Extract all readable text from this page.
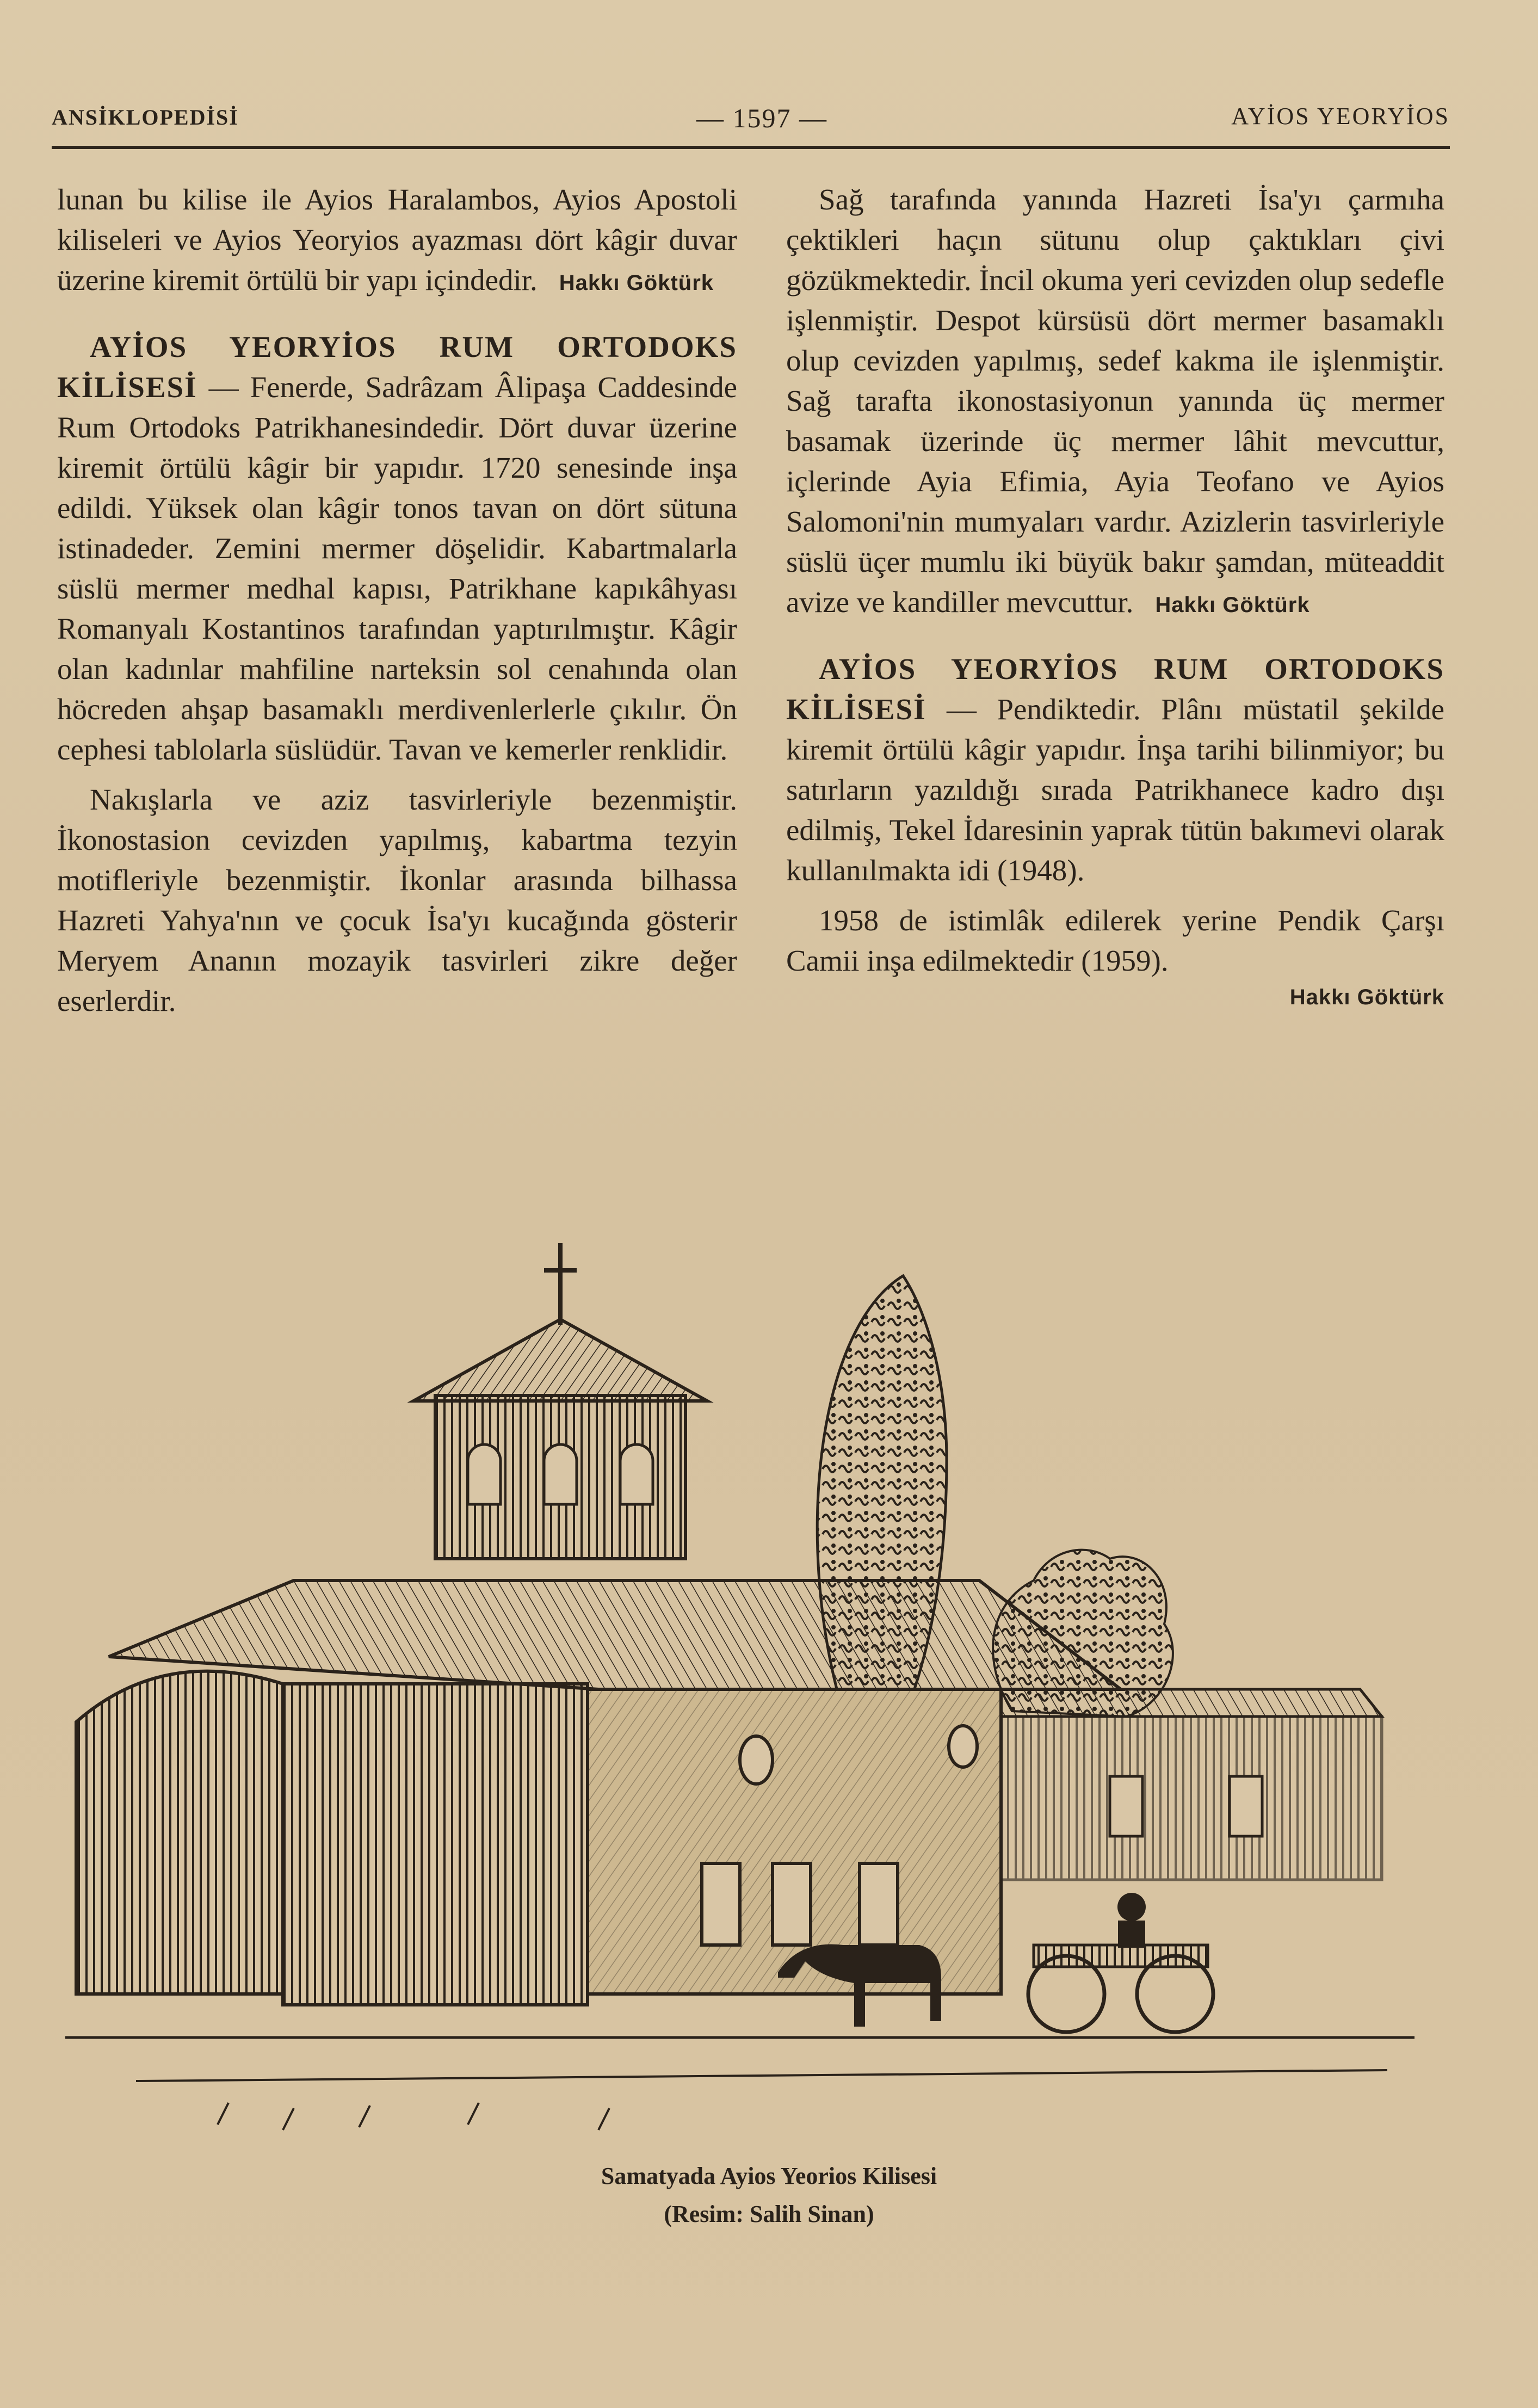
ANSİKLOPEDİSİ	— 1597 —	AYİOS YEORYİOS

lunan bu kilise ile Ayios Haralambos, Ayios Apostoli kiliseleri ve Ayios Yeoryios ayazması dört kâgir duvar üzerine kiremit örtülü bir yapı içindedir. Hakkı Göktürk

AYİOS YEORYİOS RUM ORTODOKS KİLİSESİ — Fenerde, Sadrâzam Âlipaşa Caddesinde Rum Ortodoks Patrikhanesindedir. Dört duvar üzerine kiremit örtülü kâgir bir yapıdır. 1720 senesinde inşa edildi. Yüksek olan kâgir tonos tavan on dört sütuna istinadeder. Zemini mermer döşelidir. Kabartmalarla süslü mermer medhal kapısı, Patrikhane kapıkâhyası Romanyalı Kostantinos tarafından yaptırılmıştır. Kâgir olan kadınlar mahfiline narteksin sol cenahında olan höcreden ahşap basamaklı merdivenlerlerle çıkılır. Ön cephesi tablolarla süslüdür. Tavan ve kemerler renklidir.

Nakışlarla ve aziz tasvirleriyle bezenmiştir. İkonostasion cevizden yapılmış, kabartma tezyin motifleriyle bezenmiştir. İkonlar arasında bilhassa Hazreti Yahya'nın ve çocuk İsa'yı kucağında gösterir Meryem Ananın mozayik tasvirleri zikre değer eserlerdir.

Sağ tarafında yanında Hazreti İsa'yı çarmıha çektikleri haçın sütunu olup çaktıkları çivi gözükmektedir. İncil okuma yeri cevizden olup sedefle işlenmiştir. Despot kürsüsü dört mermer basamaklı olup cevizden yapılmış, sedef kakma ile işlenmiştir. Sağ tarafta ikonostasiyonun yanında üç mermer basamak üzerinde üç mermer lâhit mevcuttur, içlerinde Ayia Efimia, Ayia Teofano ve Ayios Salomoni'nin mumyaları vardır. Azizlerin tasvirleriyle süslü üçer mumlu iki büyük bakır şamdan, müteaddit avize ve kandiller mevcuttur. Hakkı Göktürk

AYİOS YEORYİOS RUM ORTODOKS KİLİSESİ — Pendiktedir. Plânı müstatil şekilde kiremit örtülü kâgir yapıdır. İnşa tarihi bilinmiyor; bu satırların yazıldığı sırada Patrikhanece kadro dışı edilmiş, Tekel İdaresinin yaprak tütün bakımevi olarak kullanılmakta idi (1948).

1958 de istimlâk edilerek yerine Pendik Çarşı Camii inşa edilmektedir (1959).

Hakkı Göktürk
Samatyada Ayios Yeorios Kilisesi
(Resim: Salih Sinan)
